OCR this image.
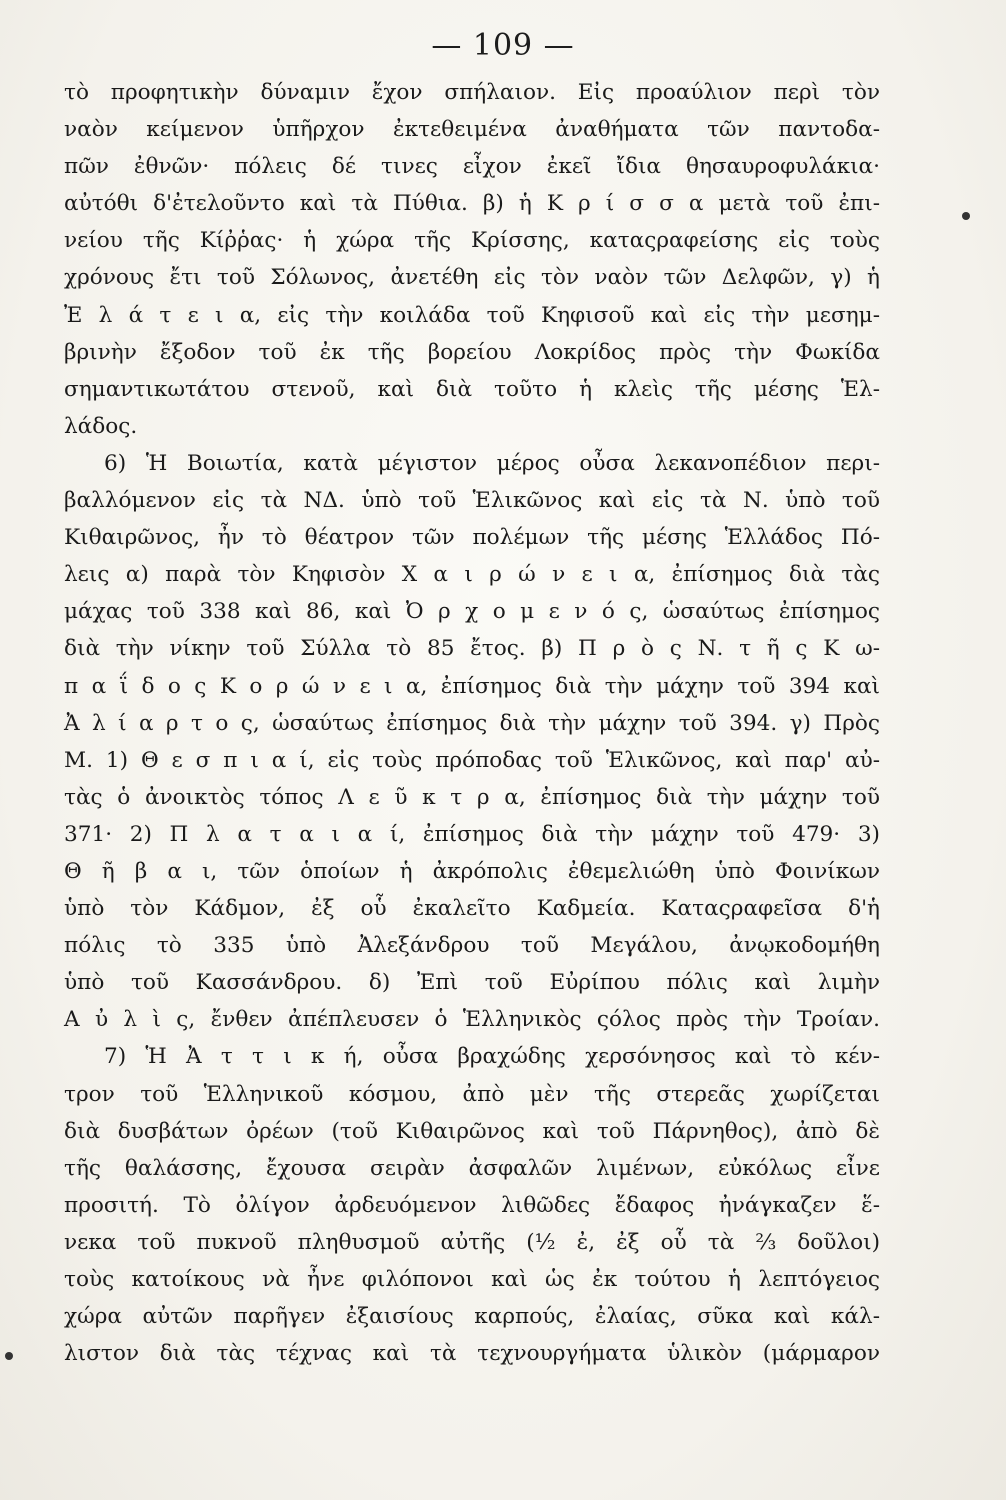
— 109 —
τὸ προφητικὴν δύναμιν ἔχον σπήλαιον. Εἰς προαύλιον περὶ τὸν
ναὸν κείμενον ὑπῆρχον ἐκτεθειμένα ἀναθήματα τῶν παντοδα-
πῶν ἐθνῶν· πόλεις δέ τινες εἶχον ἐκεῖ ἴδια θησαυροφυλάκια·
αὐτόθι δ'ἐτελοῦντο καὶ τὰ Πύθια. β) ἡ Κ ρ ί σ σ α μετὰ τοῦ ἐπι-
νείου τῆς Κίῤῥας· ἡ χώρα τῆς Κρίσσης, καταςραφείσης εἰς τοὺς
χρόνους ἔτι τοῦ Σόλωνος, ἀνετέθη εἰς τὸν ναὸν τῶν Δελφῶν, γ) ἡ
Ἐ λ ά τ ε ι α, εἰς τὴν κοιλάδα τοῦ Κηφισοῦ καὶ εἰς τὴν μεσημ-
βρινὴν ἔξοδον τοῦ ἐκ τῆς βορείου Λοκρίδος πρὸς τὴν Φωκίδα
σημαντικωτάτου στενοῦ, καὶ διὰ τοῦτο ἡ κλεὶς τῆς μέσης Ἑλ-
λάδος.
6) Ἡ Βοιωτία, κατὰ μέγιστον μέρος οὖσα λεκανοπέδιον περι-
βαλλόμενον εἰς τὰ ΝΔ. ὑπὸ τοῦ Ἑλικῶνος καὶ εἰς τὰ Ν. ὑπὸ τοῦ
Κιθαιρῶνος, ἦν τὸ θέατρον τῶν πολέμων τῆς μέσης Ἑλλάδος Πό-
λεις α) παρὰ τὸν Κηφισὸν Χ α ι ρ ώ ν ε ι α, ἐπίσημος διὰ τὰς
μάχας τοῦ 338 καὶ 86, καὶ Ὀ ρ χ ο μ ε ν ό ς, ὡσαύτως ἐπίσημος
διὰ τὴν νίκην τοῦ Σύλλα τὸ 85 ἔτος. β) Π ρ ὸ ς Ν. τ ῆ ς Κ ω-
π α ΐ δ ο ς Κ ο ρ ώ ν ε ι α, ἐπίσημος διὰ τὴν μάχην τοῦ 394 καὶ
Ἀ λ ί α ρ τ ο ς, ὡσαύτως ἐπίσημος διὰ τὴν μάχην τοῦ 394. γ) Πρὸς
Μ. 1) Θ ε σ π ι α ί, εἰς τοὺς πρόποδας τοῦ Ἑλικῶνος, καὶ παρ' αὐ-
τὰς ὁ ἀνοικτὸς τόπος Λ ε ῦ κ τ ρ α, ἐπίσημος διὰ τὴν μάχην τοῦ
371· 2) Π λ α τ α ι α ί, ἐπίσημος διὰ τὴν μάχην τοῦ 479· 3)
Θ ῆ β α ι, τῶν ὁποίων ἡ ἀκρόπολις ἐθεμελιώθη ὑπὸ Φοινίκων
ὑπὸ τὸν Κάδμον, ἐξ οὗ ἐκαλεῖτο Καδμεία. Καταςραφεῖσα δ'ἡ
πόλις τὸ 335 ὑπὸ Ἀλεξάνδρου τοῦ Μεγάλου, ἀνῳκοδομήθη
ὑπὸ τοῦ Κασσάνδρου. δ) Ἐπὶ τοῦ Εὐρίπου πόλις καὶ λιμὴν
Α ὐ λ ὶ ς, ἔνθεν ἀπέπλευσεν ὁ Ἑλληνικὸς ςόλος πρὸς τὴν Τροίαν.
7) Ἡ Ἀ τ τ ι κ ή, οὖσα βραχώδης χερσόνησος καὶ τὸ κέν-
τρον τοῦ Ἑλληνικοῦ κόσμου, ἀπὸ μὲν τῆς στερεᾶς χωρίζεται
διὰ δυσβάτων ὀρέων (τοῦ Κιθαιρῶνος καὶ τοῦ Πάρνηθος), ἀπὸ δὲ
τῆς θαλάσσης, ἔχουσα σειρὰν ἀσφαλῶν λιμένων, εὐκόλως εἶνε
προσιτή. Τὸ ὀλίγον ἀρδευόμενον λιθῶδες ἔδαφος ἠνάγκαζεν ἕ-
νεκα τοῦ πυκνοῦ πληθυσμοῦ αὐτῆς (½ ἐ, ἐξ οὗ τὰ ⅔ δοῦλοι)
τοὺς κατοίκους νὰ ἦνε φιλόπονοι καὶ ὡς ἐκ τούτου ἡ λεπτόγειος
χώρα αὐτῶν παρῆγεν ἐξαισίους καρπούς, ἐλαίας, σῦκα καὶ κάλ-
λιστον διὰ τὰς τέχνας καὶ τὰ τεχνουργήματα ὑλικὸν (μάρμαρον
